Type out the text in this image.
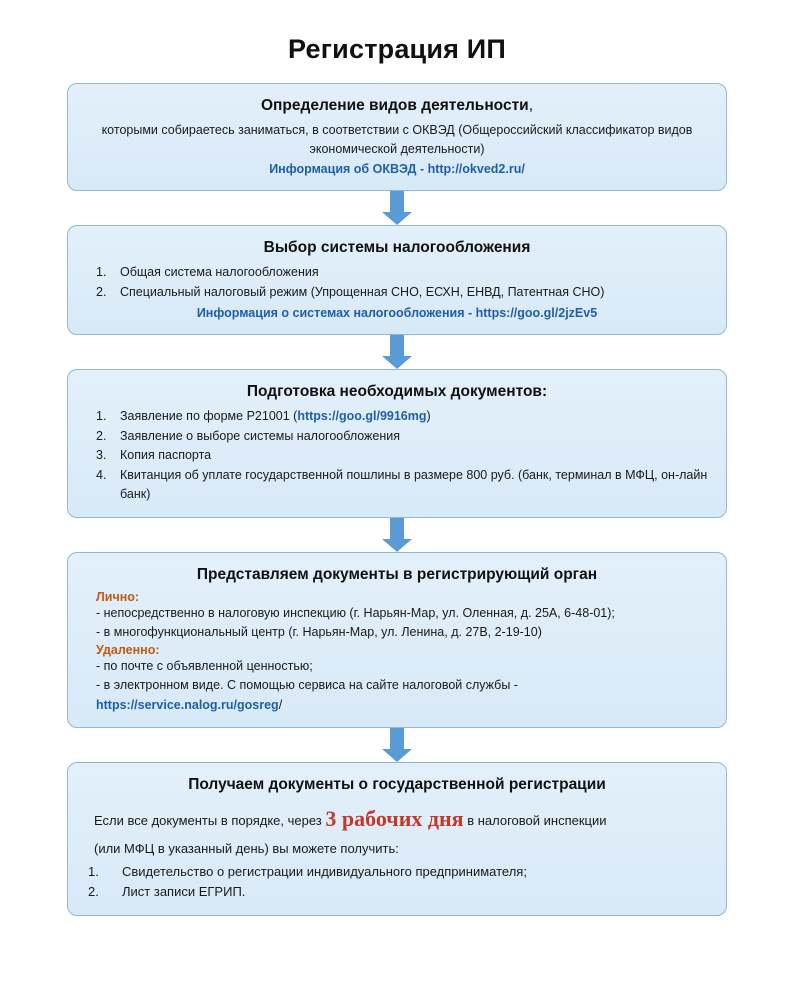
Регистрация ИП
Определение видов деятельности,
которыми собираетесь заниматься, в соответствии с ОКВЭД (Общероссийский классификатор видов экономической деятельности)
Информация об ОКВЭД - http://okved2.ru/
Выбор системы налогообложения
1.	Общая система налогообложения
2.	Специальный налоговый режим (Упрощенная СНО, ЕСХН, ЕНВД, Патентная СНО)
Информация о системах налогообложения - https://goo.gl/2jzEv5
Подготовка необходимых документов:
1.	Заявление по форме Р21001 (https://goo.gl/9916mg)
2.	Заявление о выборе системы налогообложения
3.	Копия паспорта
4.	Квитанция об уплате государственной пошлины в размере 800 руб. (банк, терминал в МФЦ, он-лайн банк)
Представляем документы в регистрирующий орган
Лично:
- непосредственно в налоговую инспекцию (г. Нарьян-Мар, ул. Оленная, д. 25А, 6-48-01);
- в многофункциональный центр (г. Нарьян-Мар, ул. Ленина, д. 27В, 2-19-10)
Удаленно:
- по почте с объявленной ценностью;
- в электронном виде. С помощью сервиса на сайте налоговой службы -
https://service.nalog.ru/gosreg/
Получаем документы о государственной регистрации
Если все документы в порядке, через 3 рабочих дня в налоговой инспекции
(или МФЦ в указанный день) вы можете получить:
1.	Свидетельство о регистрации индивидуального предпринимателя;
2.	Лист записи ЕГРИП.
